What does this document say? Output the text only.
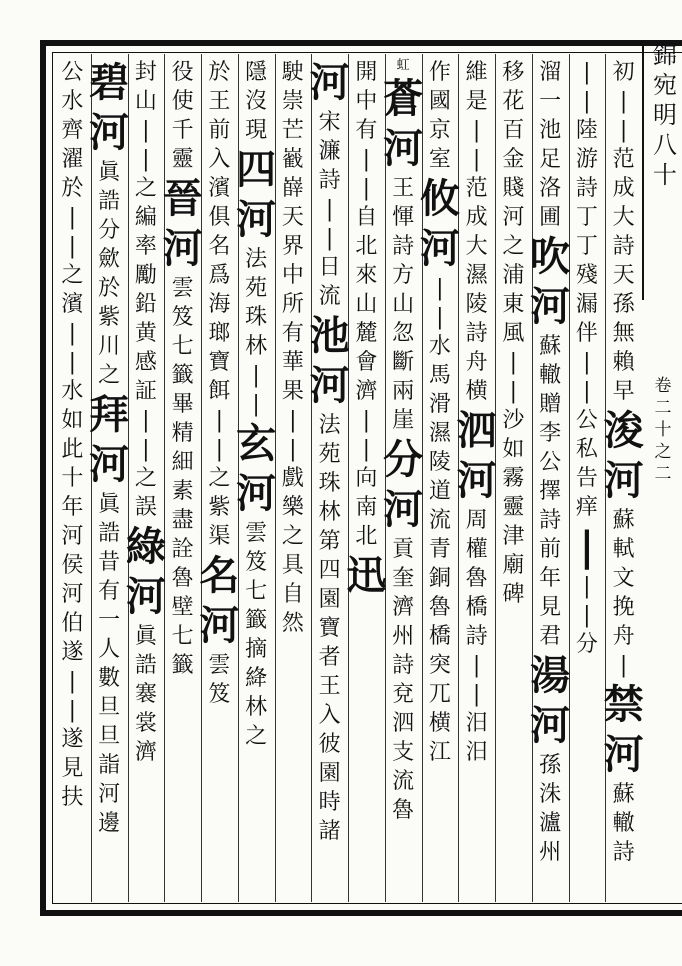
錦
宛
明
八
十
卷
二
十
之
二
初
|
|
范
成
大
詩
天
孫
無
賴
早
浚
河
蘇
軾
文
挽
舟
|
禁
河
蘇
轍
詩
|
|
陸
游
詩
丁
丁
殘
漏
伴
|
|
公
私
告
痒
|
|
|
分
溜
一
池
足
洛
圃
吹
河
蘇
轍
贈
李
公
擇
詩
前
年
見
君
湯
河
孫
洙
瀘
州
移
花
百
金
賤
河
之
浦
東
風
|
|
沙
如
霧
靈
津
廟
碑
維
是
|
|
范
成
大
濕
陵
詩
舟
横
泗
河
周
權
魯
橋
詩
|
|
汨
汨
作
國
京
室
攸
河
|
|
水
馬
滑
濕
陵
道
流
青
銅
魯
橋
突
兀
横
江
虹
蒼
河
王
惲
詩
方
山
忽
斷
兩
崖
分
河
貢
奎
濟
州
詩
兗
泗
支
流
魯
開
中
有
|
|
自
北
來
山
麓
會
濟
|
|
向
南
北
迅
河
宋
濂
詩
|
|
日
流
池
河
法
苑
珠
林
第
四
園
寶
者
王
入
彼
園
時
諸
駛
崇
芒
巀
嶭
天
界
中
所
有
華
果
|
|
戲
樂
之
具
自
然
隱
沒
現
四
河
法
苑
珠
林
|
|
玄
河
雲
笈
七
籤
摘
絳
林
之
於
王
前
入
濱
俱
名
爲
海
瑯
寶
餌
|
|
之
紫
渠
名
河
雲
笈
役
使
千
靈
晉
河
雲
笈
七
籤
畢
精
細
素
盡
詮
魯
壁
七
籤
封
山
|
|
之
編
率
勵
鉛
黄
感
証
|
|
之
誤
綠
河
眞
誥
褰
裳
濟
碧
河
眞
誥
分
歛
於
紫
川
之
拜
河
眞
誥
昔
有
一
人
數
旦
旦
詣
河
邊
公
水
齊
濯
於
|
|
之
濱
|
|
水
如
此
十
年
河
侯
河
伯
遂
|
|
遂
見
扶
